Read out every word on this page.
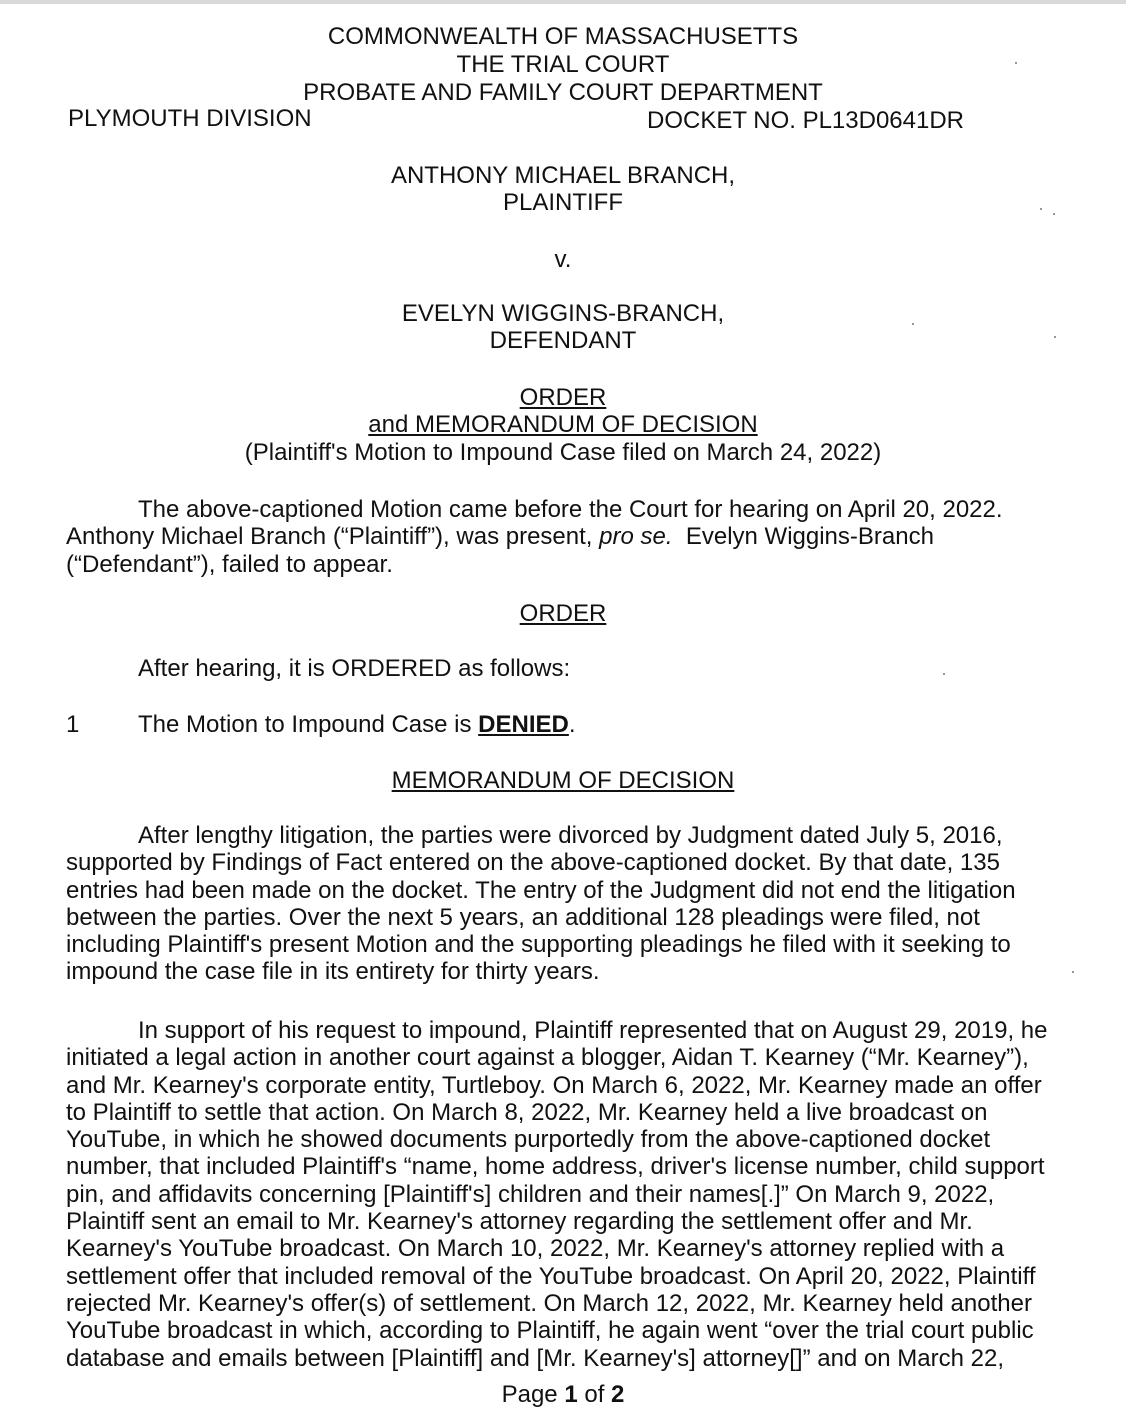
COMMONWEALTH OF MASSACHUSETTS
THE TRIAL COURT
PROBATE AND FAMILY COURT DEPARTMENT
PLYMOUTH DIVISION	DOCKET NO. PL13D0641DR
ANTHONY MICHAEL BRANCH,
PLAINTIFF
v.
EVELYN WIGGINS-BRANCH,
DEFENDANT
ORDER
and MEMORANDUM OF DECISION
(Plaintiff's Motion to Impound Case filed on March 24, 2022)
The above-captioned Motion came before the Court for hearing on April 20, 2022.
Anthony Michael Branch (“Plaintiff”), was present, pro se.  Evelyn Wiggins-Branch
(“Defendant”), failed to appear.
ORDER
After hearing, it is ORDERED as follows:
1 The Motion to Impound Case is DENIED.
MEMORANDUM OF DECISION
After lengthy litigation, the parties were divorced by Judgment dated July 5, 2016,
supported by Findings of Fact entered on the above-captioned docket. By that date, 135
entries had been made on the docket. The entry of the Judgment did not end the litigation
between the parties. Over the next 5 years, an additional 128 pleadings were filed, not
including Plaintiff's present Motion and the supporting pleadings he filed with it seeking to
impound the case file in its entirety for thirty years.
In support of his request to impound, Plaintiff represented that on August 29, 2019, he
initiated a legal action in another court against a blogger, Aidan T. Kearney (“Mr. Kearney”),
and Mr. Kearney's corporate entity, Turtleboy. On March 6, 2022, Mr. Kearney made an offer
to Plaintiff to settle that action. On March 8, 2022, Mr. Kearney held a live broadcast on
YouTube, in which he showed documents purportedly from the above-captioned docket
number, that included Plaintiff's “name, home address, driver's license number, child support
pin, and affidavits concerning [Plaintiff's] children and their names[.]” On March 9, 2022,
Plaintiff sent an email to Mr. Kearney's attorney regarding the settlement offer and Mr.
Kearney's YouTube broadcast. On March 10, 2022, Mr. Kearney's attorney replied with a
settlement offer that included removal of the YouTube broadcast. On April 20, 2022, Plaintiff
rejected Mr. Kearney's offer(s) of settlement. On March 12, 2022, Mr. Kearney held another
YouTube broadcast in which, according to Plaintiff, he again went “over the trial court public
database and emails between [Plaintiff] and [Mr. Kearney's] attorney[]” and on March 22,
Page 1 of 2
